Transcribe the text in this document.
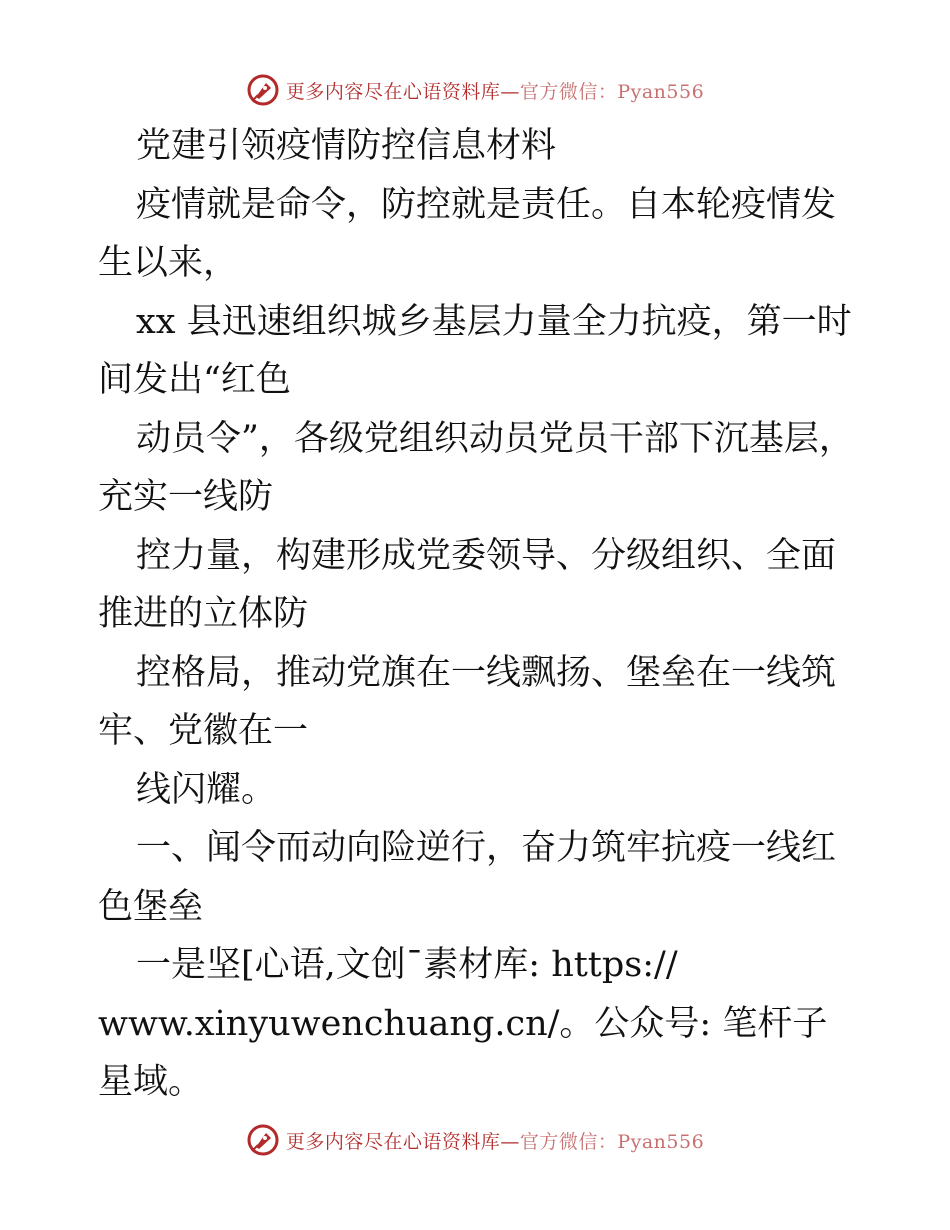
更多内容尽在心语资料库—官方微信：Pyan556

党建引领疫情防控信息材料

疫情就是命令，防控就是责任。自本轮疫情发生以来，

xx 县迅速组织城乡基层力量全力抗疫，第一时间发出“红色

动员令”，各级党组织动员党员干部下沉基层，充实一线防

控力量，构建形成党委领导、分级组织、全面推进的立体防

控格局，推动党旗在一线飘扬、堡垒在一线筑牢、党徽在一

线闪耀。

一、闻令而动向险逆行，奋力筑牢抗疫一线红色堡垒

一是坚[心语,文创¯素材库: https://

www.xinyuwenchuang.cn/。公众号: 笔杆子星域。

更多内容尽在心语资料库—官方微信：Pyan556
